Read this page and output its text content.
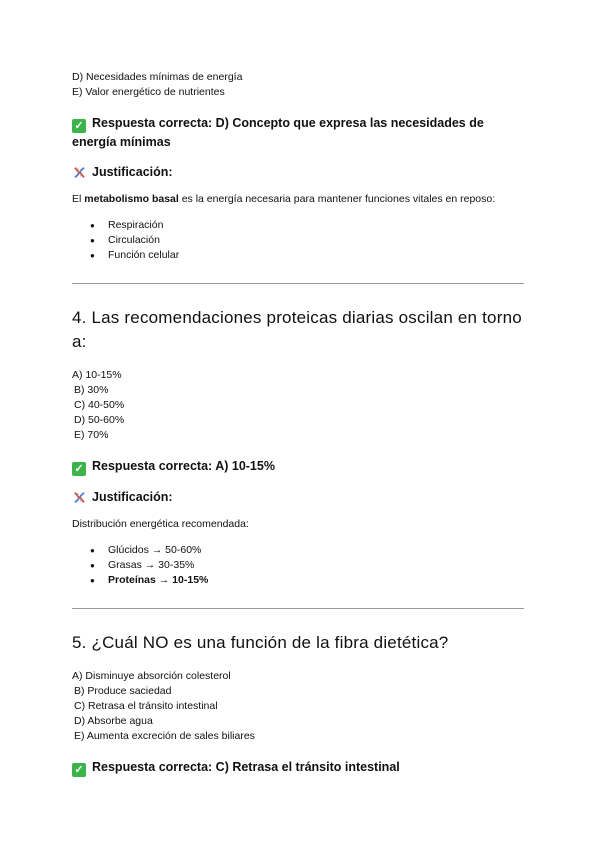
D) Necesidades mínimas de energía

E) Valor energético de nutrientes

✓ Respuesta correcta: D) Concepto que expresa las necesidades de energía mínimas

Justificación:

El metabolismo basal es la energía necesaria para mantener funciones vitales en reposo:

● Respiración
● Circulación
● Función celular
4. Las recomendaciones proteicas diarias oscilan en torno a:

A) 10-15%

B) 30%

C) 40-50%

D) 50-60%

E) 70%

✓ Respuesta correcta: A) 10-15%

Justificación:

Distribución energética recomendada:

● Glúcidos → 50-60%
● Grasas → 30-35%
● Proteínas → 10-15%
5. ¿Cuál NO es una función de la fibra dietética?

A) Disminuye absorción colesterol

B) Produce saciedad

C) Retrasa el tránsito intestinal

D) Absorbe agua

E) Aumenta excreción de sales biliares

✓ Respuesta correcta: C) Retrasa el tránsito intestinal
